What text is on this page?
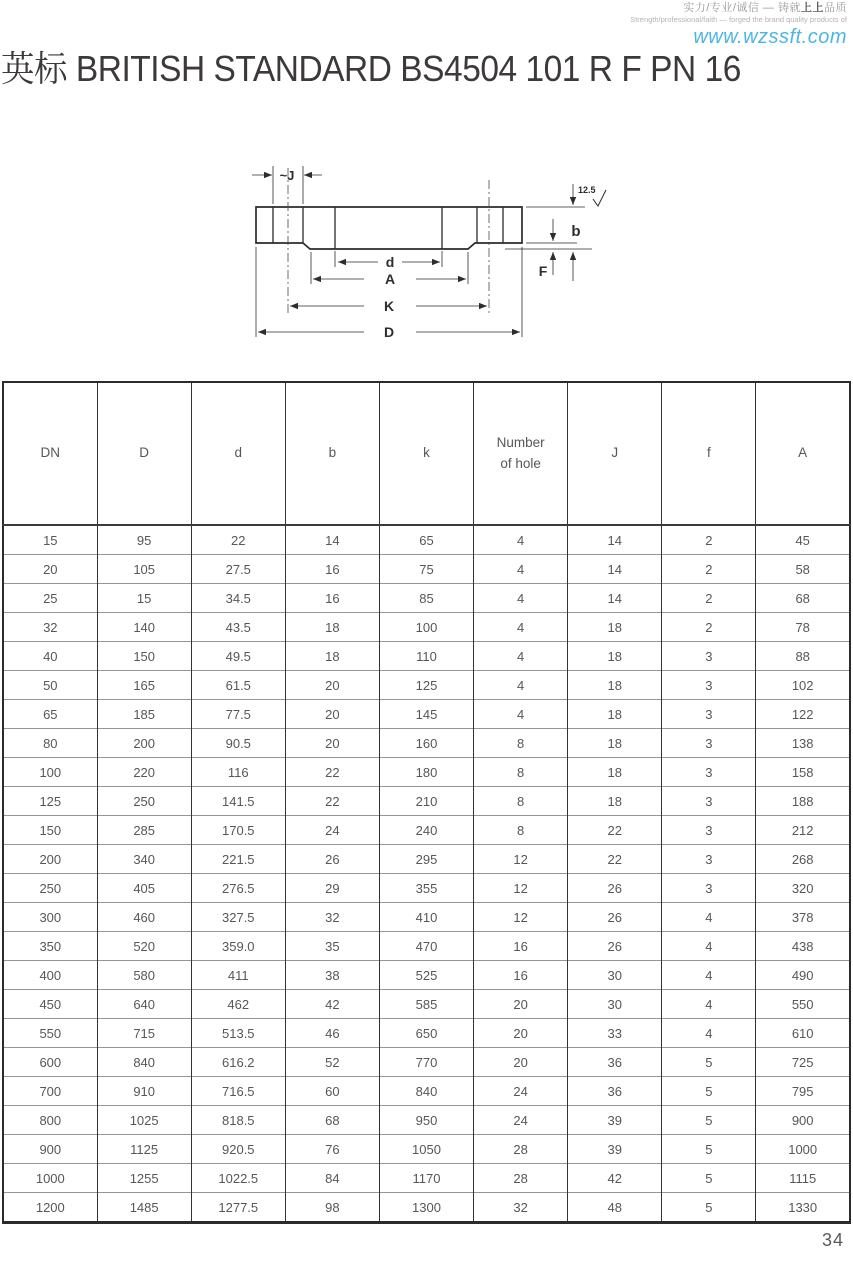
实力/专业/诚信 — 铸就上上品质
Strength/professional/faith — forged the brand quality products of
www.wzssft.com
英标 BRITISH STANDARD BS4504 101 R F PN 16
~J
12.5
b
F
d
A
K
D
DN	D	d	b	k	Number of hole	J	f	A
15	95	22	14	65	4	14	2	45
20	105	27.5	16	75	4	14	2	58
25	15	34.5	16	85	4	14	2	68
32	140	43.5	18	100	4	18	2	78
40	150	49.5	18	110	4	18	3	88
50	165	61.5	20	125	4	18	3	102
65	185	77.5	20	145	4	18	3	122
80	200	90.5	20	160	8	18	3	138
100	220	116	22	180	8	18	3	158
125	250	141.5	22	210	8	18	3	188
150	285	170.5	24	240	8	22	3	212
200	340	221.5	26	295	12	22	3	268
250	405	276.5	29	355	12	26	3	320
300	460	327.5	32	410	12	26	4	378
350	520	359.0	35	470	16	26	4	438
400	580	411	38	525	16	30	4	490
450	640	462	42	585	20	30	4	550
550	715	513.5	46	650	20	33	4	610
600	840	616.2	52	770	20	36	5	725
700	910	716.5	60	840	24	36	5	795
800	1025	818.5	68	950	24	39	5	900
900	1125	920.5	76	1050	28	39	5	1000
1000	1255	1022.5	84	1170	28	42	5	1115
1200	1485	1277.5	98	1300	32	48	5	1330
34
